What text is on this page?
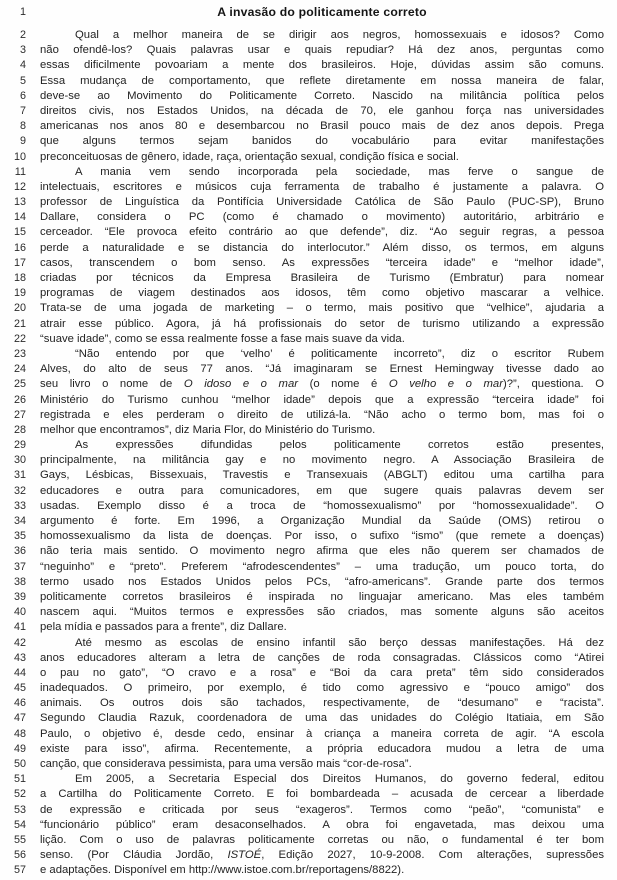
1	A invasão do politicamente correto
2	Qual a melhor maneira de se dirigir aos negros, homossexuais e idosos? Como
3 não ofendê-los? Quais palavras usar e quais repudiar? Há dez anos, perguntas como
4 essas dificilmente povoariam a mente dos brasileiros. Hoje, dúvidas assim são comuns.
5 Essa mudança de comportamento, que reflete diretamente em nossa maneira de falar,
6 deve-se ao Movimento do Politicamente Correto. Nascido na militância política pelos
7 direitos civis, nos Estados Unidos, na década de 70, ele ganhou força nas universidades
8 americanas nos anos 80 e desembarcou no Brasil pouco mais de dez anos depois. Prega
9 que alguns termos sejam banidos do vocabulário para evitar manifestações
10 preconceituosas de gênero, idade, raça, orientação sexual, condição física e social.
11	A mania vem sendo incorporada pela sociedade, mas ferve o sangue de
12 intelectuais, escritores e músicos cuja ferramenta de trabalho é justamente a palavra. O
13 professor de Linguística da Pontifícia Universidade Católica de São Paulo (PUC-SP), Bruno
14 Dallare, considera o PC (como é chamado o movimento) autoritário, arbitrário e
15 cerceador. “Ele provoca efeito contrário ao que defende”, diz. “Ao seguir regras, a pessoa
16 perde a naturalidade e se distancia do interlocutor.” Além disso, os termos, em alguns
17 casos, transcendem o bom senso. As expressões “terceira idade” e “melhor idade”,
18 criadas por técnicos da Empresa Brasileira de Turismo (Embratur) para nomear
19 programas de viagem destinados aos idosos, têm como objetivo mascarar a velhice.
20 Trata-se de uma jogada de marketing – o termo, mais positivo que “velhice”, ajudaria a
21 atrair esse público. Agora, já há profissionais do setor de turismo utilizando a expressão
22 “suave idade”, como se essa realmente fosse a fase mais suave da vida.
23	“Não entendo por que ‘velho’ é politicamente incorreto”, diz o escritor Rubem
24 Alves, do alto de seus 77 anos. “Já imaginaram se Ernest Hemingway tivesse dado ao
25 seu livro o nome de O idoso e o mar (o nome é O velho e o mar)?”, questiona. O
26 Ministério do Turismo cunhou “melhor idade” depois que a expressão “terceira idade” foi
27 registrada e eles perderam o direito de utilizá-la. “Não acho o termo bom, mas foi o
28 melhor que encontramos”, diz Maria Flor, do Ministério do Turismo.
29	As expressões difundidas pelos politicamente corretos estão presentes,
30 principalmente, na militância gay e no movimento negro. A Associação Brasileira de
31 Gays, Lésbicas, Bissexuais, Travestis e Transexuais (ABGLT) editou uma cartilha para
32 educadores e outra para comunicadores, em que sugere quais palavras devem ser
33 usadas. Exemplo disso é a troca de “homossexualismo” por “homossexualidade”. O
34 argumento é forte. Em 1996, a Organização Mundial da Saúde (OMS) retirou o
35 homossexualismo da lista de doenças. Por isso, o sufixo “ismo” (que remete a doenças)
36 não teria mais sentido. O movimento negro afirma que eles não querem ser chamados de
37 “neguinho” e “preto”. Preferem “afrodescendentes” – uma tradução, um pouco torta, do
38 termo usado nos Estados Unidos pelos PCs, “afro-americans”. Grande parte dos termos
39 politicamente corretos brasileiros é inspirada no linguajar americano. Mas eles também
40 nascem aqui. “Muitos termos e expressões são criados, mas somente alguns são aceitos
41 pela mídia e passados para a frente”, diz Dallare.
42	Até mesmo as escolas de ensino infantil são berço dessas manifestações. Há dez
43 anos educadores alteram a letra de canções de roda consagradas. Clássicos como “Atirei
44 o pau no gato”, “O cravo e a rosa” e “Boi da cara preta” têm sido considerados
45 inadequados. O primeiro, por exemplo, é tido como agressivo e “pouco amigo” dos
46 animais. Os outros dois são tachados, respectivamente, de “desumano” e “racista”.
47 Segundo Claudia Razuk, coordenadora de uma das unidades do Colégio Itatiaia, em São
48 Paulo, o objetivo é, desde cedo, ensinar à criança a maneira correta de agir. “A escola
49 existe para isso”, afirma. Recentemente, a própria educadora mudou a letra de uma
50 canção, que considerava pessimista, para uma versão mais “cor-de-rosa”.
51	Em 2005, a Secretaria Especial dos Direitos Humanos, do governo federal, editou
52 a Cartilha do Politicamente Correto. E foi bombardeada – acusada de cercear a liberdade
53 de expressão e criticada por seus “exageros”. Termos como “peão”, “comunista” e
54 “funcionário público” eram desaconselhados. A obra foi engavetada, mas deixou uma
55 lição. Com o uso de palavras politicamente corretas ou não, o fundamental é ter bom
56 senso. (Por Cláudia Jordão, ISTOÉ, Edição 2027, 10-9-2008. Com alterações, supressões
57 e adaptações. Disponível em http://www.istoe.com.br/reportagens/8822).
